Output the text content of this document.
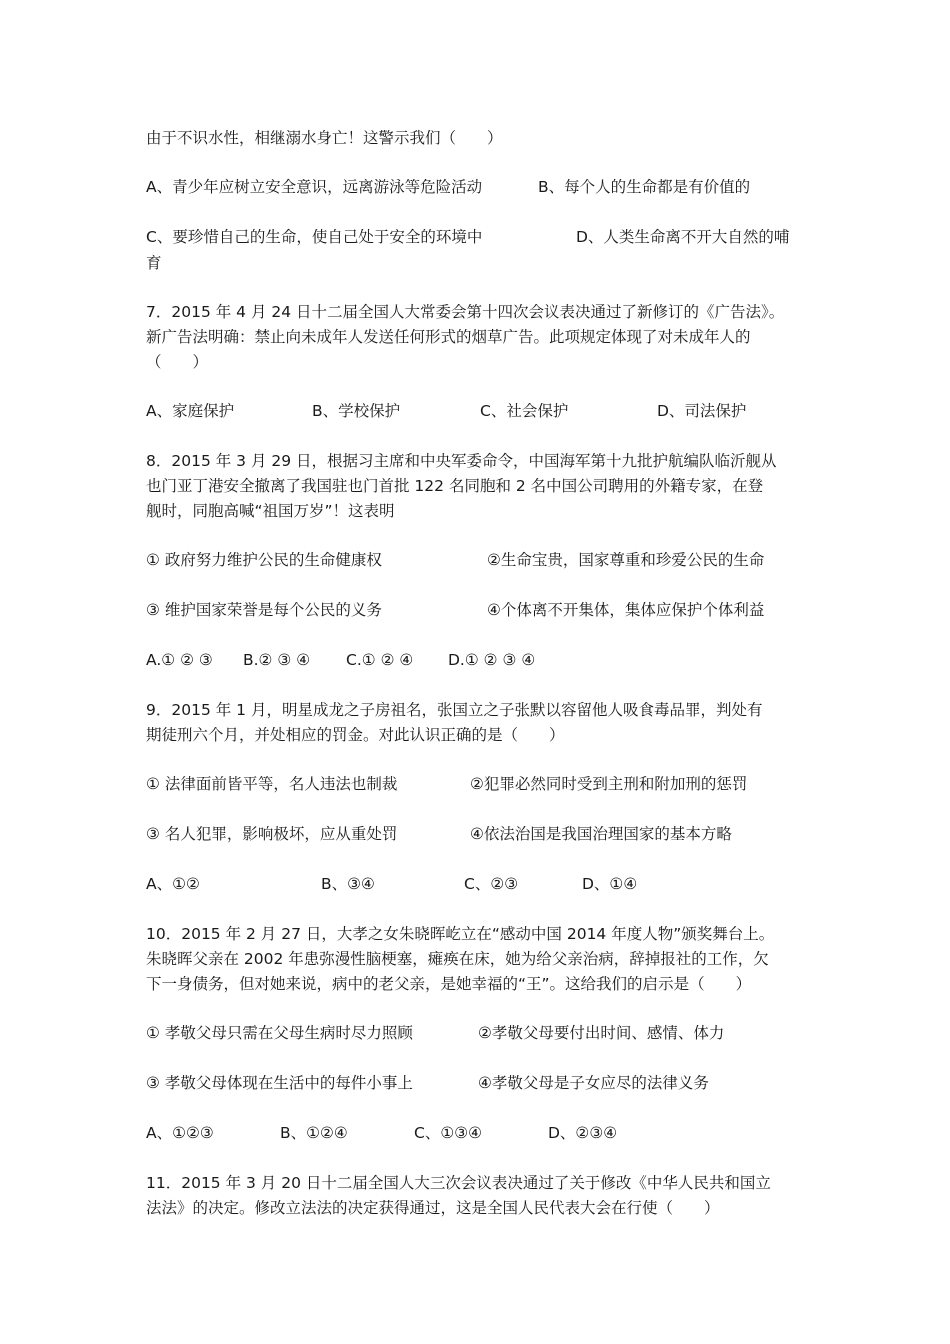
由于不识水性，相继溺水身亡！这警示我们（　　）
A、青少年应树立安全意识，远离游泳等危险活动	B、每个人的生命都是有价值的
C、要珍惜自己的生命，使自己处于安全的环境中	D、人类生命离不开大自然的哺
育
7．2015 年 4 月 24 日十二届全国人大常委会第十四次会议表决通过了新修订的《广告法》。
新广告法明确：禁止向未成年人发送任何形式的烟草广告。此项规定体现了对未成年人的
（　　）
A、家庭保护	B、学校保护	C、社会保护	D、司法保护
8．2015 年 3 月 29 日，根据习主席和中央军委命令，中国海军第十九批护航编队临沂舰从
也门亚丁港安全撤离了我国驻也门首批 122 名同胞和 2 名中国公司聘用的外籍专家，在登
舰时，同胞高喊“祖国万岁”！这表明
① 政府努力维护公民的生命健康权	②生命宝贵，国家尊重和珍爱公民的生命
③ 维护国家荣誉是每个公民的义务	④个体离不开集体，集体应保护个体利益
A.① ② ③ B.② ③ ④ C.① ② ④ D.① ② ③ ④
9．2015 年 1 月，明星成龙之子房祖名，张国立之子张默以容留他人吸食毒品罪，判处有
期徒刑六个月，并处相应的罚金。对此认识正确的是（　　）
① 法律面前皆平等，名人违法也制裁	②犯罪必然同时受到主刑和附加刑的惩罚
③ 名人犯罪，影响极坏，应从重处罚	④依法治国是我国治理国家的基本方略
A、①②	B、③④	C、②③	D、①④
10．2015 年 2 月 27 日，大孝之女朱晓晖屹立在“感动中国 2014 年度人物”颁奖舞台上。
朱晓晖父亲在 2002 年患弥漫性脑梗塞，瘫痪在床，她为给父亲治病，辞掉报社的工作，欠
下一身债务，但对她来说，病中的老父亲，是她幸福的“王”。这给我们的启示是（　　）
① 孝敬父母只需在父母生病时尽力照顾	②孝敬父母要付出时间、感情、体力
③ 孝敬父母体现在生活中的每件小事上	④孝敬父母是子女应尽的法律义务
A、①②③	B、①②④	C、①③④	D、②③④
11．2015 年 3 月 20 日十二届全国人大三次会议表决通过了关于修改《中华人民共和国立
法法》的决定。修改立法法的决定获得通过，这是全国人民代表大会在行使（　　）
